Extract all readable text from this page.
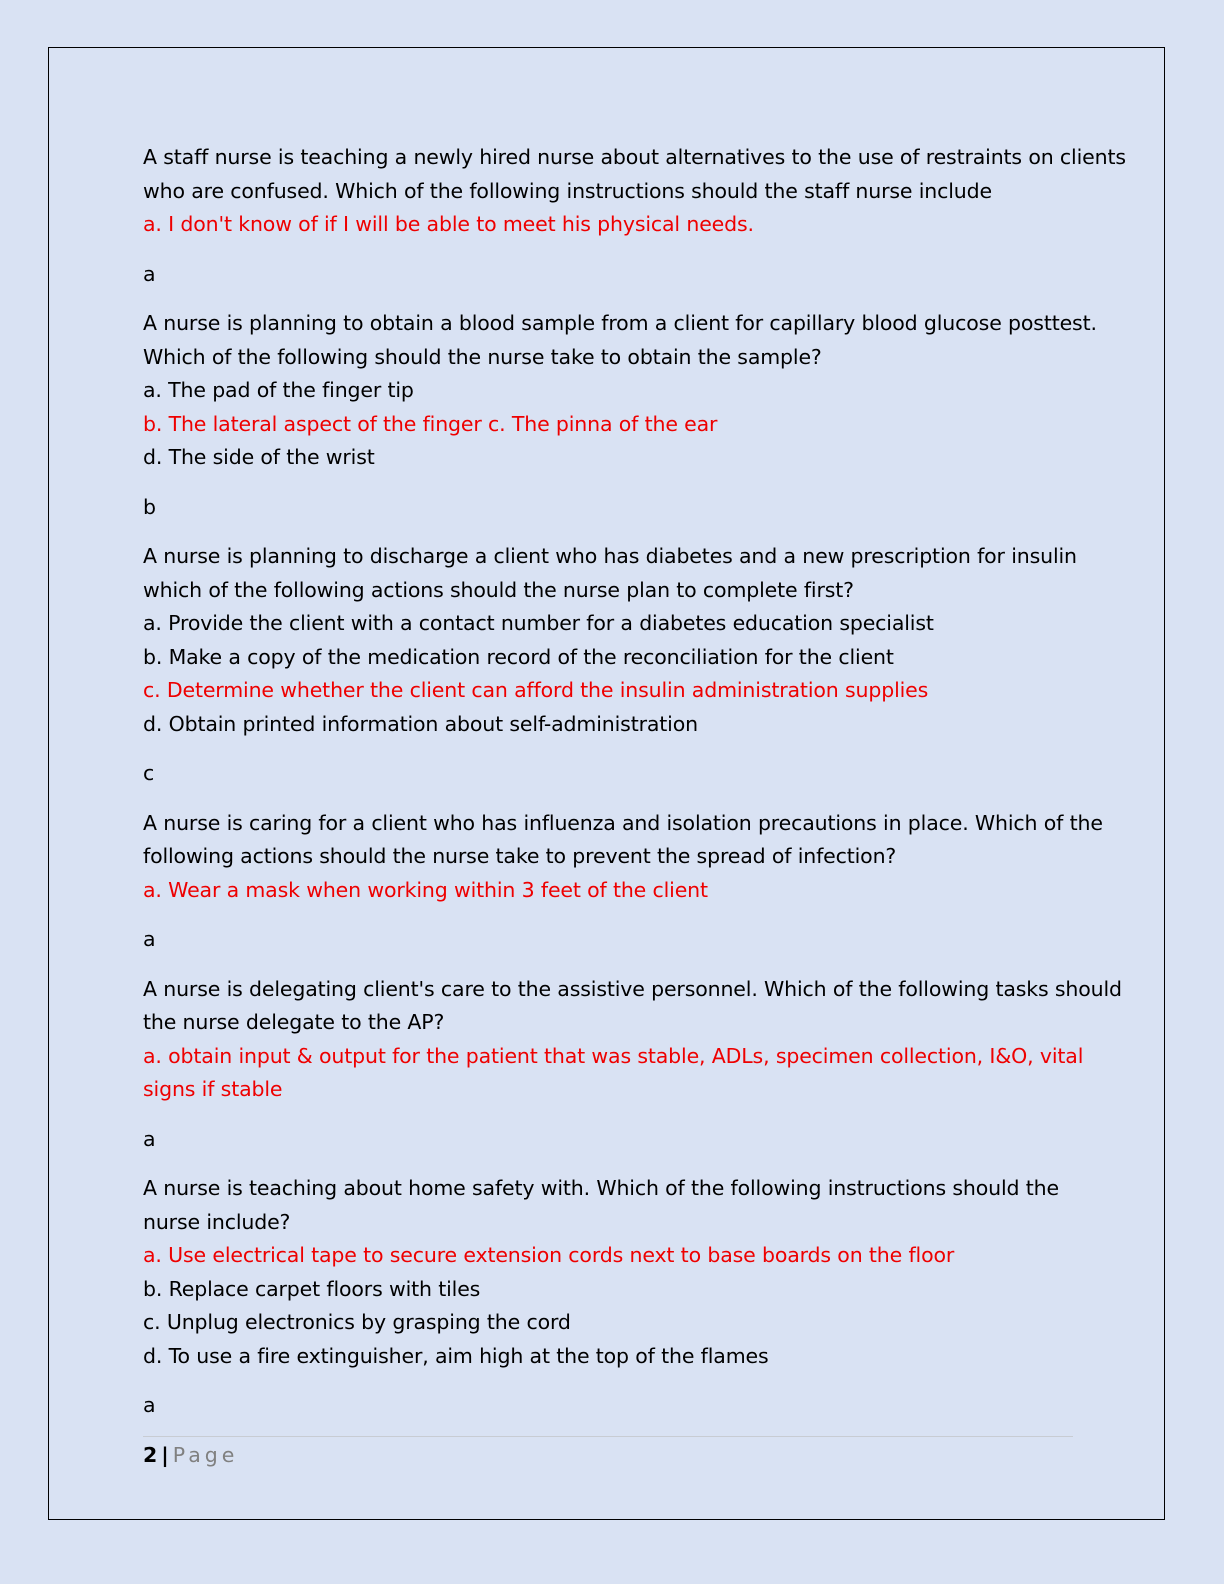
A staff nurse is teaching a newly hired nurse about alternatives to the use of restraints on clients
who are confused. Which of the following instructions should the staff nurse include
a. I don't know of if I will be able to meet his physical needs.
a
A nurse is planning to obtain a blood sample from a client for capillary blood glucose posttest.
Which of the following should the nurse take to obtain the sample?
a. The pad of the finger tip
b. The lateral aspect of the finger c. The pinna of the ear
d. The side of the wrist
b
A nurse is planning to discharge a client who has diabetes and a new prescription for insulin
which of the following actions should the nurse plan to complete first?
a. Provide the client with a contact number for a diabetes education specialist
b. Make a copy of the medication record of the reconciliation for the client
c. Determine whether the client can afford the insulin administration supplies
d. Obtain printed information about self-administration
c
A nurse is caring for a client who has influenza and isolation precautions in place. Which of the
following actions should the nurse take to prevent the spread of infection?
a. Wear a mask when working within 3 feet of the client
a
A nurse is delegating client's care to the assistive personnel. Which of the following tasks should
the nurse delegate to the AP?
a. obtain input & output for the patient that was stable, ADLs, specimen collection, I&O, vital
signs if stable
a
A nurse is teaching about home safety with. Which of the following instructions should the
nurse include?
a. Use electrical tape to secure extension cords next to base boards on the floor
b. Replace carpet floors with tiles
c. Unplug electronics by grasping the cord
d. To use a fire extinguisher, aim high at the top of the flames
a
2 | Page
